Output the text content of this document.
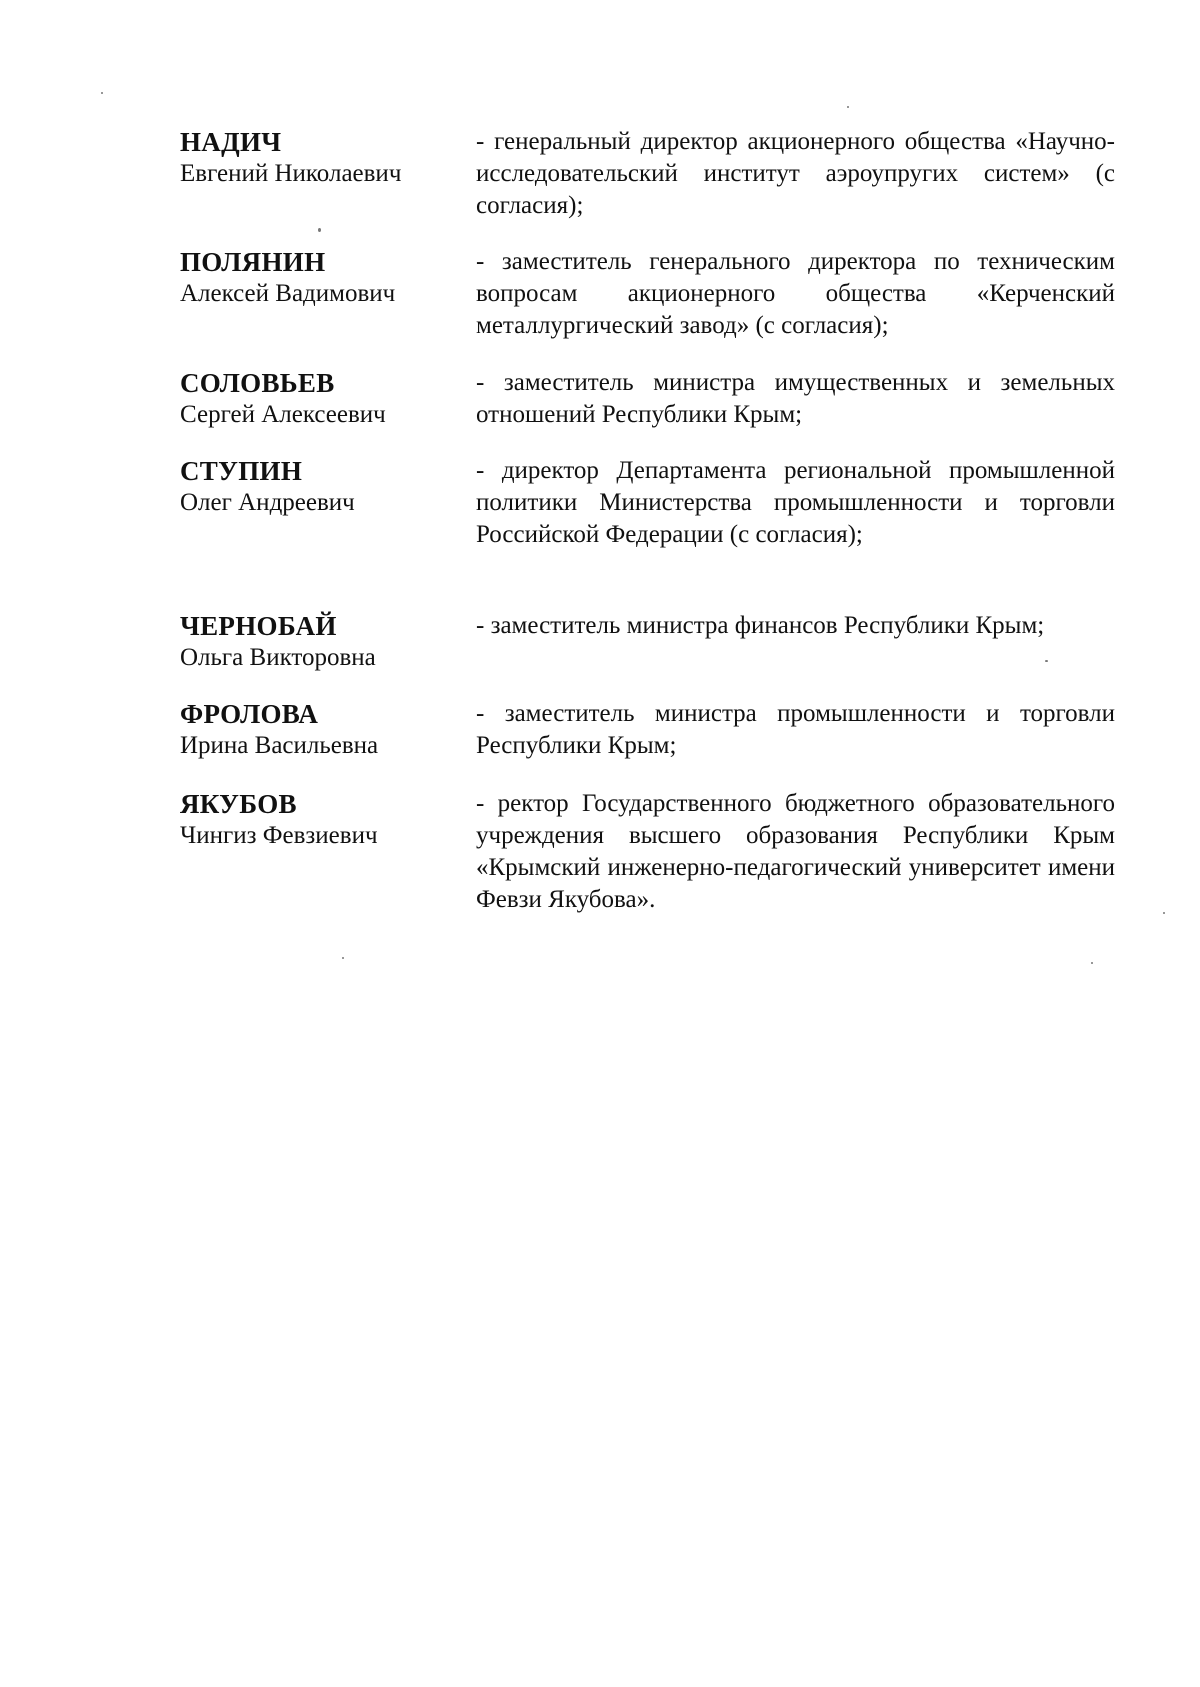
НАДИЧ
Евгений Николаевич
- генеральный директор акционерного общества «Научно-исследовательский институт аэроупругих систем» (с согласия);
ПОЛЯНИН
Алексей Вадимович
- заместитель генерального директора по техническим вопросам акционерного общества «Керченский металлургический завод» (с согласия);
СОЛОВЬЕВ
Сергей Алексеевич
- заместитель министра имущественных и земельных отношений Республики Крым;
СТУПИН
Олег Андреевич
- директор Департамента региональной промышленной политики Министерства промышленности и торговли Российской Федерации (с согласия);
ЧЕРНОБАЙ
Ольга Викторовна
- заместитель министра финансов Республики Крым;
ФРОЛОВА
Ирина Васильевна
- заместитель министра промышленности и торговли Республики Крым;
ЯКУБОВ
Чингиз Февзиевич
- ректор Государственного бюджетного образовательного учреждения высшего образования Республики Крым «Крымский инженерно-педагогический университет имени Февзи Якубова».
